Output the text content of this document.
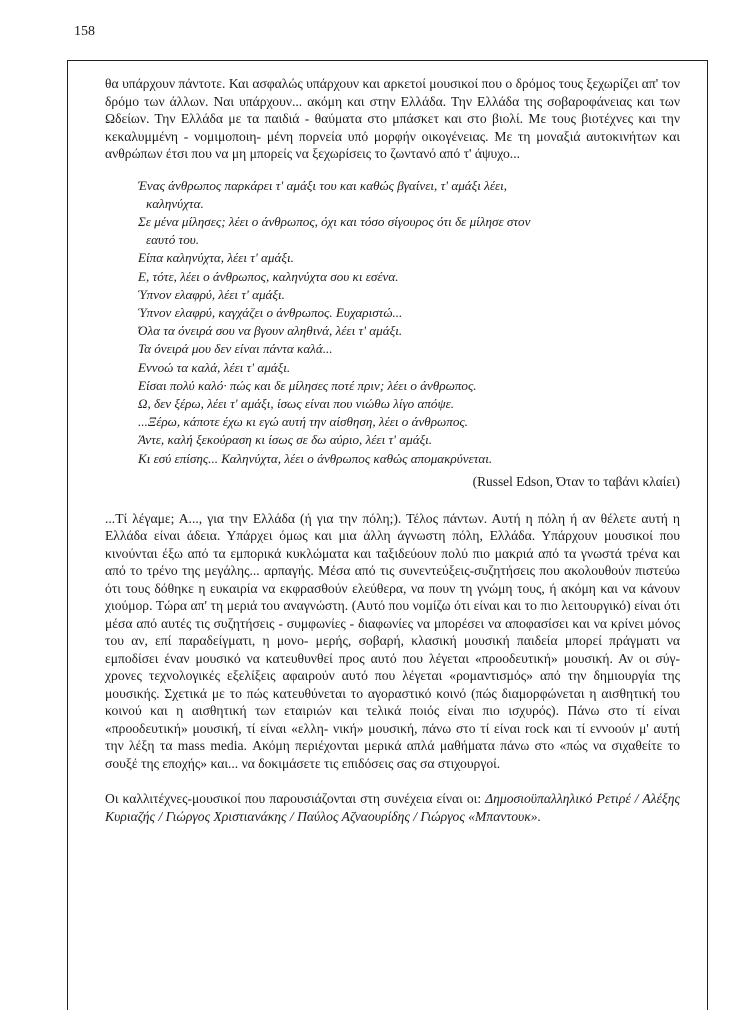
158

θα υπάρχουν πάντοτε. Και ασφαλώς υπάρχουν και αρκετοί μουσικοί που ο δρόμος τους ξεχωρίζει απ' τον δρόμο των άλλων. Ναι υπάρχουν... ακόμη και στην Ελλάδα. Την Ελλάδα της σοβαροφάνειας και των Ωδείων. Την Ελλάδα με τα παιδιά - θαύματα στο μπάσκετ και στο βιολί. Με τους βιοτέχνες και την κεκαλυμμένη - νομιμοποιη- μένη πορνεία υπό μορφήν οικογένειας. Με τη μοναξιά αυτοκινήτων και ανθρώπων έτσι που να μη μπορείς να ξεχωρίσεις το ζωντανό από τ' άψυχο...

Ένας άνθρωπος παρκάρει τ' αμάξι του και καθώς βγαίνει, τ' αμάξι λέει,
καληνύχτα.
Σε μένα μίλησες; λέει ο άνθρωπος, όχι και τόσο σίγουρος ότι δε μίλησε στον
εαυτό του.
Είπα καληνύχτα, λέει τ' αμάξι.
Ε, τότε, λέει ο άνθρωπος, καληνύχτα σου κι εσένα.
Ύπνον ελαφρύ, λέει τ' αμάξι.
Ύπνον ελαφρύ, καγχάζει ο άνθρωπος. Ευχαριστώ...
Όλα τα όνειρά σου να βγουν αληθινά, λέει τ' αμάξι.
Τα όνειρά μου δεν είναι πάντα καλά...
Εννοώ τα καλά, λέει τ' αμάξι.
Είσαι πολύ καλό· πώς και δε μίλησες ποτέ πριν; λέει ο άνθρωπος.
Ω, δεν ξέρω, λέει τ' αμάξι, ίσως είναι που νιώθω λίγο απόψε.
...Ξέρω, κάποτε έχω κι εγώ αυτή την αίσθηση, λέει ο άνθρωπος.
Άντε, καλή ξεκούραση κι ίσως σε δω αύριο, λέει τ' αμάξι.
Κι εσύ επίσης... Καληνύχτα, λέει ο άνθρωπος καθώς απομακρύνεται.
(Russel Edson, Όταν το ταβάνι κλαίει)

...Τί λέγαμε; Α..., για την Ελλάδα (ή για την πόλη;). Τέλος πάντων. Αυτή η πόλη ή αν θέλετε αυτή η Ελλάδα είναι άδεια. Υπάρχει όμως και μια άλλη άγνωστη πόλη, Ελλάδα. Υπάρχουν μουσικοί που κινούνται έξω από τα εμπορικά κυκλώματα και ταξιδεύουν πολύ πιο μακριά από τα γνωστά τρένα και από το τρένο της μεγάλης... αρπαγής. Μέσα από τις συνεντεύξεις-συζητήσεις που ακολουθούν πιστεύω ότι τους δόθηκε η ευκαιρία να εκφρασθούν ελεύθερα, να πουν τη γνώμη τους, ή ακόμη και να κάνουν χιούμορ. Τώρα απ' τη μεριά του αναγνώστη. (Αυτό που νομίζω ότι είναι και το πιο λειτουργικό) είναι ότι μέσα από αυτές τις συζητήσεις - συμφωνίες - διαφωνίες να μπορέσει να αποφασίσει και να κρίνει μόνος του αν, επί παραδείγματι, η μονο- μερής, σοβαρή, κλασική μουσική παιδεία μπορεί πράγματι να εμποδίσει έναν μουσικό να κατευθυνθεί προς αυτό που λέγεται «προοδευτική» μουσική. Αν οι σύγ- χρονες τεχνολογικές εξελίξεις αφαιρούν αυτό που λέγεται «ρομαντισμός» από την δημιουργία της μουσικής. Σχετικά με το πώς κατευθύνεται το αγοραστικό κοινό (πώς διαμορφώνεται η αισθητική του κοινού και η αισθητική των εταιριών και τελικά ποιός είναι πιο ισχυρός). Πάνω στο τί είναι «προοδευτική» μουσική, τί είναι «ελλη- νική» μουσική, πάνω στο τί είναι rock και τί εννοούν μ' αυτή την λέξη τα mass media. Ακόμη περιέχονται μερικά απλά μαθήματα πάνω στο «πώς να σιχαθείτε το σουξέ της εποχής» και... να δοκιμάσετε τις επιδόσεις σας σα στιχουργοί.

Οι καλλιτέχνες-μουσικοί που παρουσιάζονται στη συνέχεια είναι οι: Δημοσιοϋπαλληλικό Ρετιρέ / Αλέξης Κυριαζής / Γιώργος Χριστιανάκης / Παύλος Αζναουρίδης / Γιώργος «Μπαντουκ».
